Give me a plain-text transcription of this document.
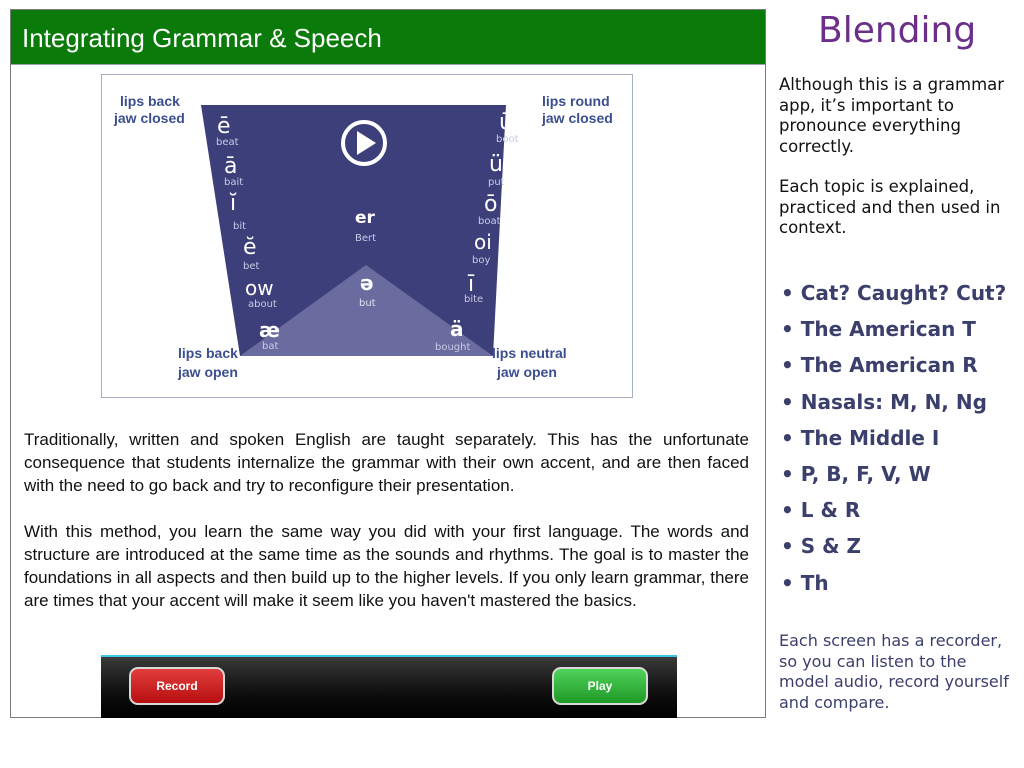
Integrating Grammar & Speech
lips back
jaw closed
lips round
jaw closed
lips back
jaw open
lips neutral
jaw open
ē
beat
ā
bait
ĭ
bit
ĕ
bet
ow
about
æ
bat
ū
boot
ü
put
ō
boat
oi
boy
ī
bite
ä
bought
er
Bert
ə
but

Traditionally, written and spoken English are taught separately. This has the unfortunate consequence that students internalize the grammar with their own accent, and are then faced with the need to go back and try to reconfigure their presentation.

With this method, you learn the same way you did with your first language. The words and structure are introduced at the same time as the sounds and rhythms. The goal is to master the foundations in all aspects and then build up to the higher levels. If you only learn grammar, there are times that your accent will make it seem like you haven't mastered the basics.

Record	Play
Blending

Although this is a grammar app, it’s important to pronounce everything correctly.

Each topic is explained, practiced and then used in context.

• Cat? Caught? Cut?
• The American T
• The American R
• Nasals: M, N, Ng
• The Middle I
• P, B, F, V, W
• L & R
• S & Z
• Th
Each screen has a recorder, so you can listen to the model audio, record yourself and compare.
